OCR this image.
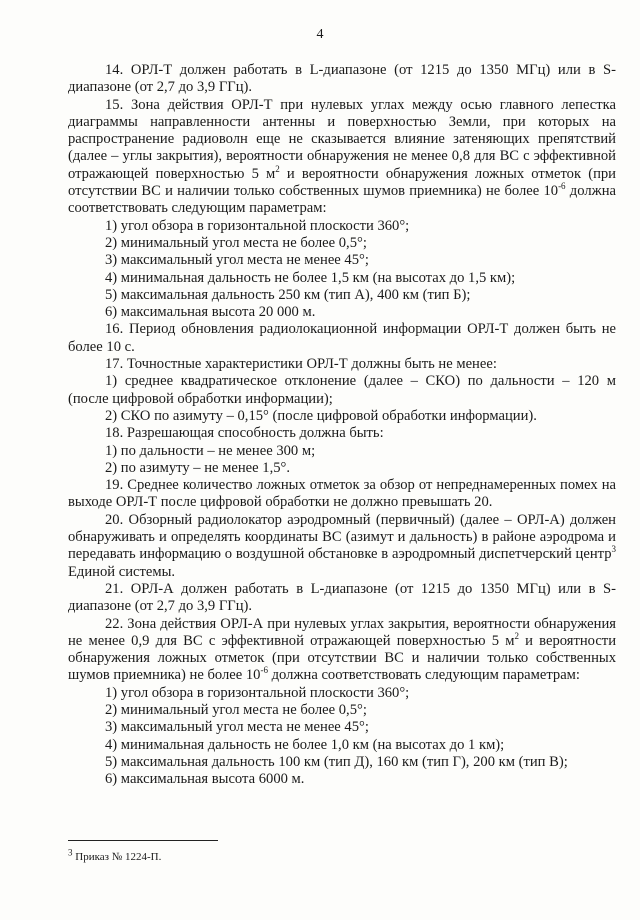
4

14. ОРЛ-Т должен работать в L-диапазоне (от 1215 до 1350 МГц) или в S-диапазоне (от 2,7 до 3,9 ГГц).

15. Зона действия ОРЛ-Т при нулевых углах между осью главного лепестка диаграммы направленности антенны и поверхностью Земли, при которых на распространение радиоволн еще не сказывается влияние затеняющих препятствий (далее – углы закрытия), вероятности обнаружения не менее 0,8 для ВС с эффективной отражающей поверхностью 5 $м^2$ и вероятности обнаружения ложных отметок (при отсутствии ВС и наличии только собственных шумов приемника) не более $10^{-6}$ должна соответствовать следующим параметрам:

1) угол обзора в горизонтальной плоскости 360°;
2) минимальный угол места не более 0,5°;
3) максимальный угол места не менее 45°;
4) минимальная дальность не более 1,5 км (на высотах до 1,5 км);
5) максимальная дальность 250 км (тип А), 400 км (тип Б);
6) максимальная высота 20 000 м.

16. Период обновления радиолокационной информации ОРЛ-Т должен быть не более 10 с.

17. Точностные характеристики ОРЛ-Т должны быть не менее:

1) среднее квадратическое отклонение (далее – СКО) по дальности – 120 м (после цифровой обработки информации);

2) СКО по азимуту – 0,15° (после цифровой обработки информации).
18. Разрешающая способность должна быть:
1) по дальности – не менее 300 м;
2) по азимуту – не менее 1,5°.

19. Среднее количество ложных отметок за обзор от непреднамеренных помех на выходе ОРЛ-Т после цифровой обработки не должно превышать 20.

20. Обзорный радиолокатор аэродромный (первичный) (далее – ОРЛ-А) должен обнаруживать и определять координаты ВС (азимут и дальность) в районе аэродрома и передавать информацию о воздушной обстановке в аэродромный диспетчерский центр$^3$ Единой системы.

21. ОРЛ-А должен работать в L-диапазоне (от 1215 до 1350 МГц) или в S-диапазоне (от 2,7 до 3,9 ГГц).

22. Зона действия ОРЛ-А при нулевых углах закрытия, вероятности обнаружения не менее 0,9 для ВС с эффективной отражающей поверхностью 5 $м^2$ и вероятности обнаружения ложных отметок (при отсутствии ВС и наличии только собственных шумов приемника) не более $10^{-6}$ должна соответствовать следующим параметрам:

1) угол обзора в горизонтальной плоскости 360°;
2) минимальный угол места не более 0,5°;
3) максимальный угол места не менее 45°;
4) минимальная дальность не более 1,0 км (на высотах до 1 км);
5) максимальная дальность 100 км (тип Д), 160 км (тип Г), 200 км (тип В);
6) максимальная высота 6000 м.
$^3$ Приказ № 1224-П.
